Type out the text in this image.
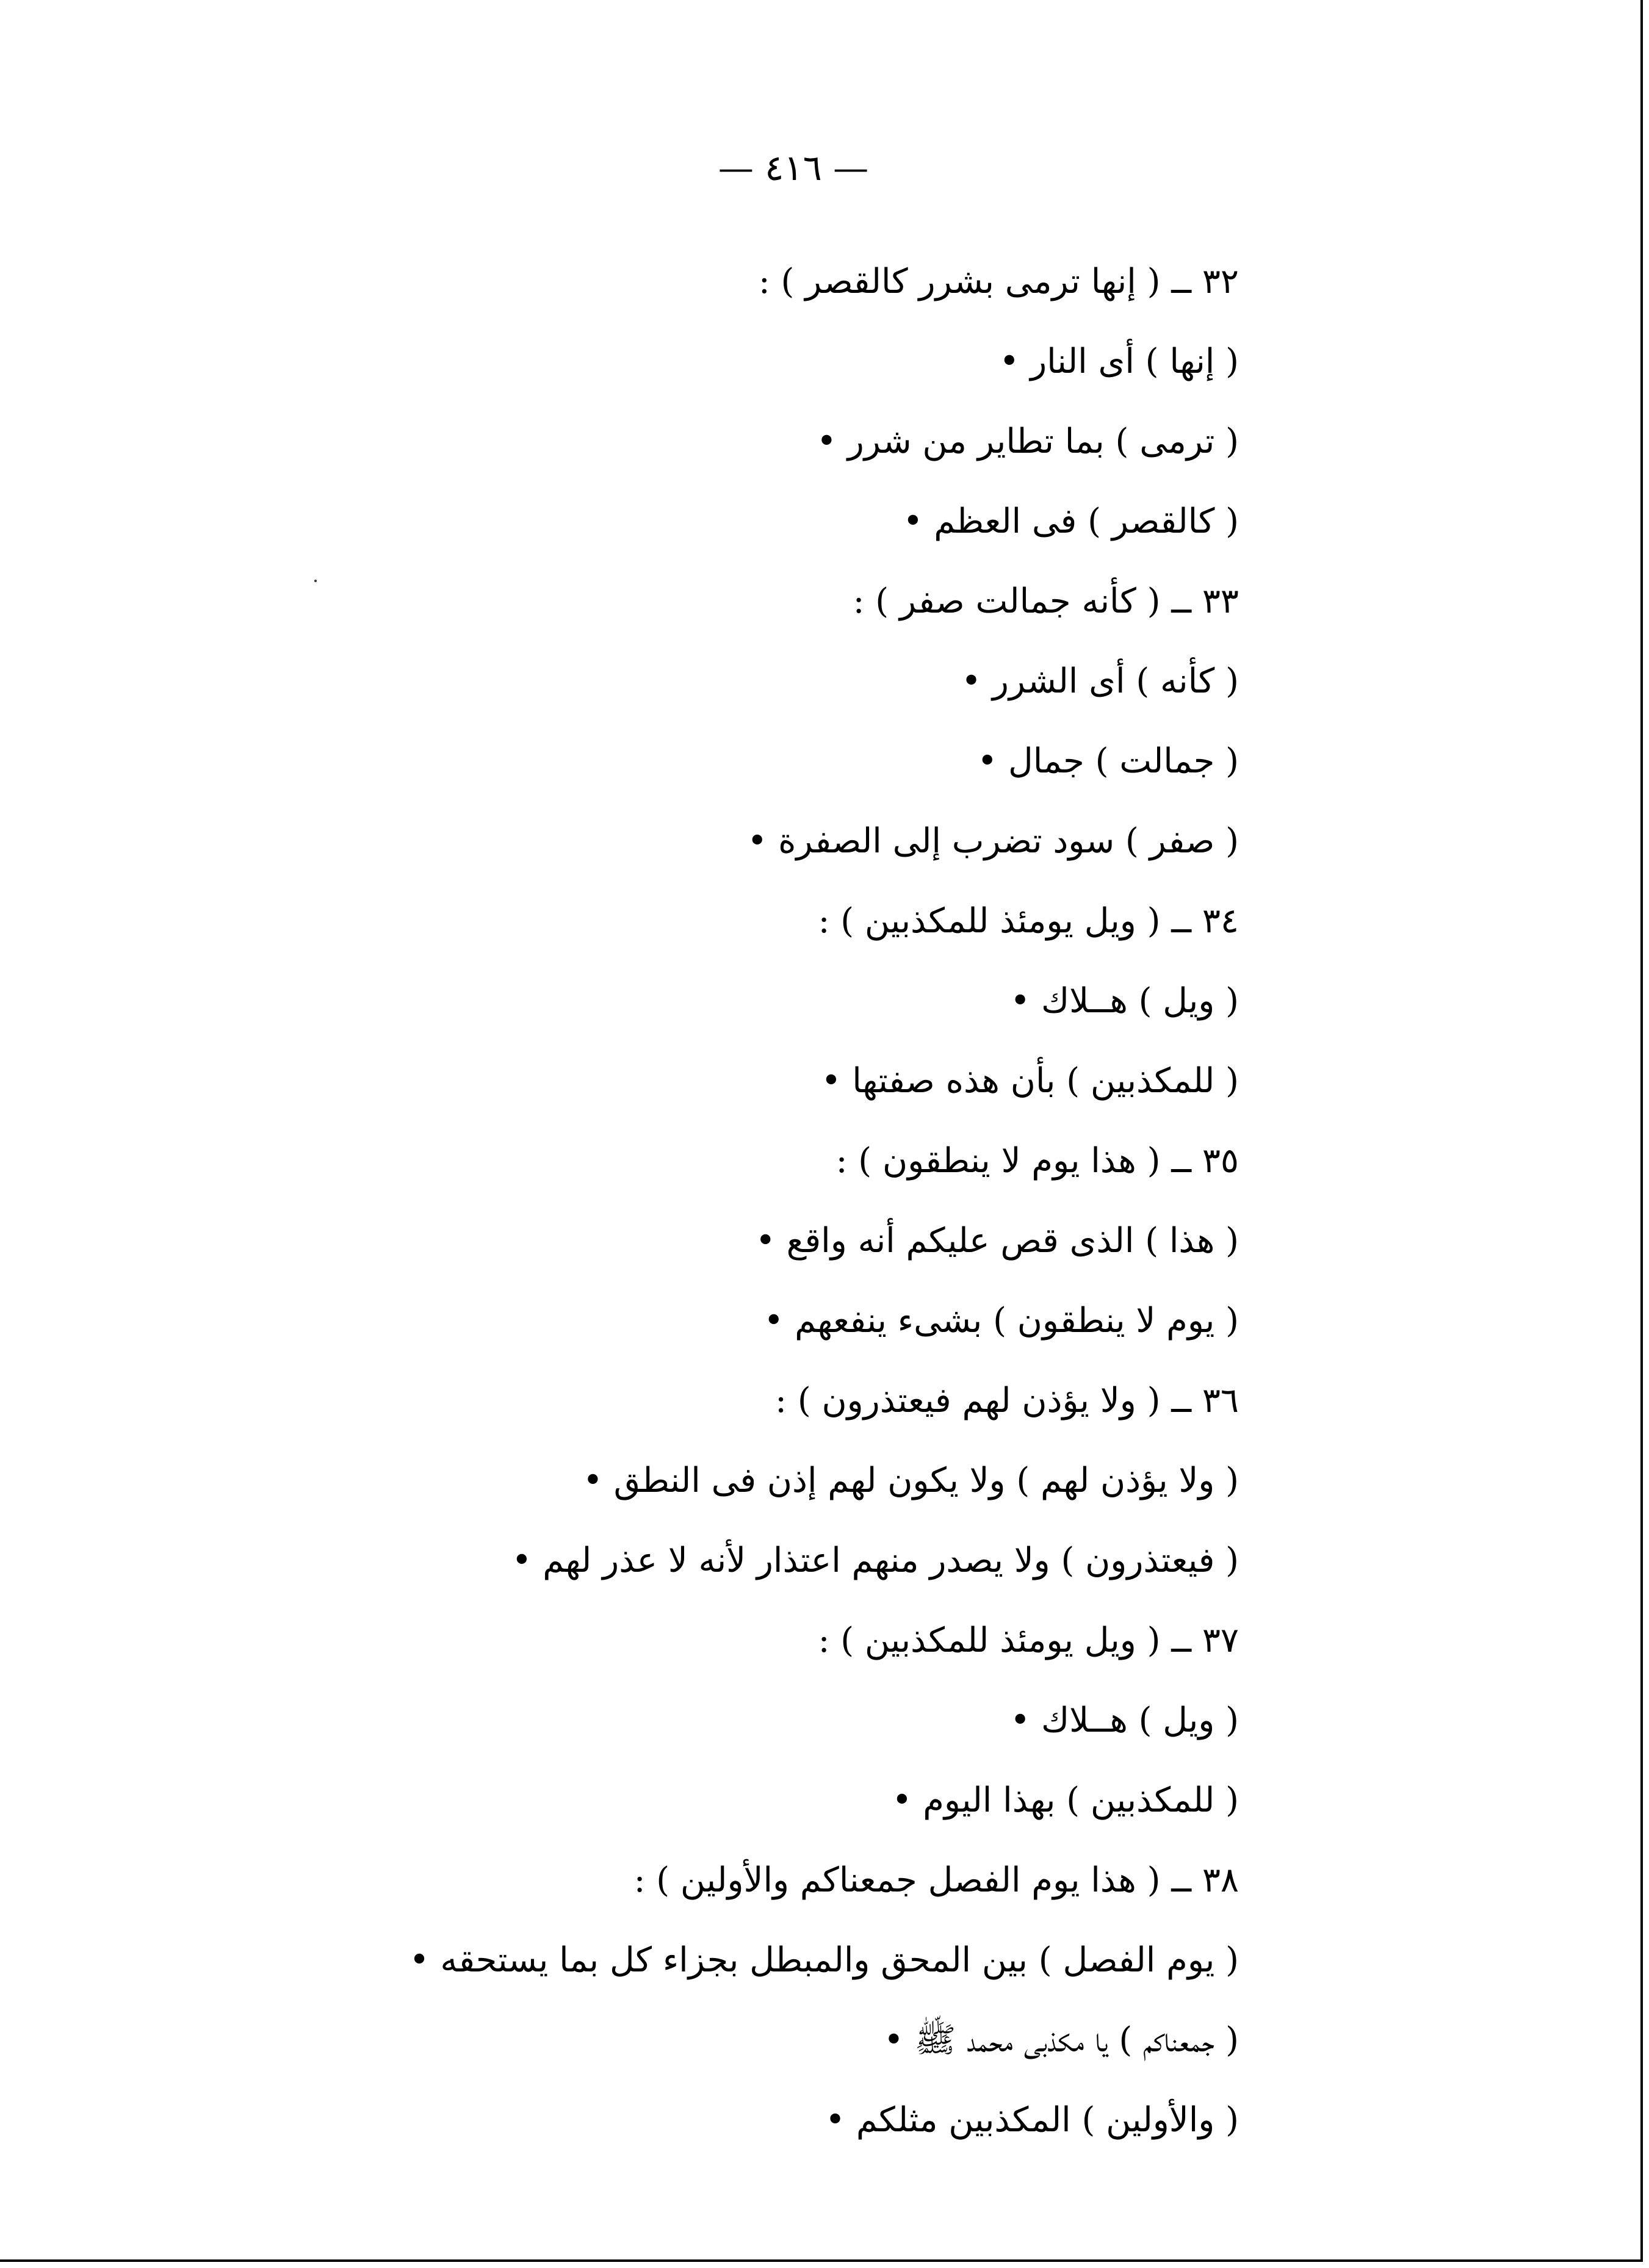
— ٤١٦ —
٣٢ ــ ( إنها ترمى بشرر كالقصر ) :
( إنها ) أى النار •
( ترمى ) بما تطاير من شرر •
( كالقصر ) فى العظم •
٣٣ ــ ( كأنه جمالت صفر ) :
( كأنه ) أى الشرر •
( جمالت ) جمال •
( صفر ) سود تضرب إلى الصفرة •
٣٤ ــ ( ويل يومئذ للمكذبين ) :
( ويل ) هــلاك •
( للمكذبين ) بأن هذه صفتها •
٣٥ ــ ( هذا يوم لا ينطقون ) :
( هذا ) الذى قص عليكم أنه واقع •
( يوم لا ينطقون ) بشىء ينفعهم •
٣٦ ــ ( ولا يؤذن لهم فيعتذرون ) :
( ولا يؤذن لهم ) ولا يكون لهم إذن فى النطق •
( فيعتذرون ) ولا يصدر منهم اعتذار لأنه لا عذر لهم •
٣٧ ــ ( ويل يومئذ للمكذبين ) :
( ويل ) هــلاك •
( للمكذبين ) بهذا اليوم •
٣٨ ــ ( هذا يوم الفصل جمعناكم والأولين ) :
( يوم الفصل ) بين المحق والمبطل بجزاء كل بما يستحقه •
( جمعناكم ) يا مكذبى محمد ﷺ •
( والأولين ) المكذبين مثلكم •
